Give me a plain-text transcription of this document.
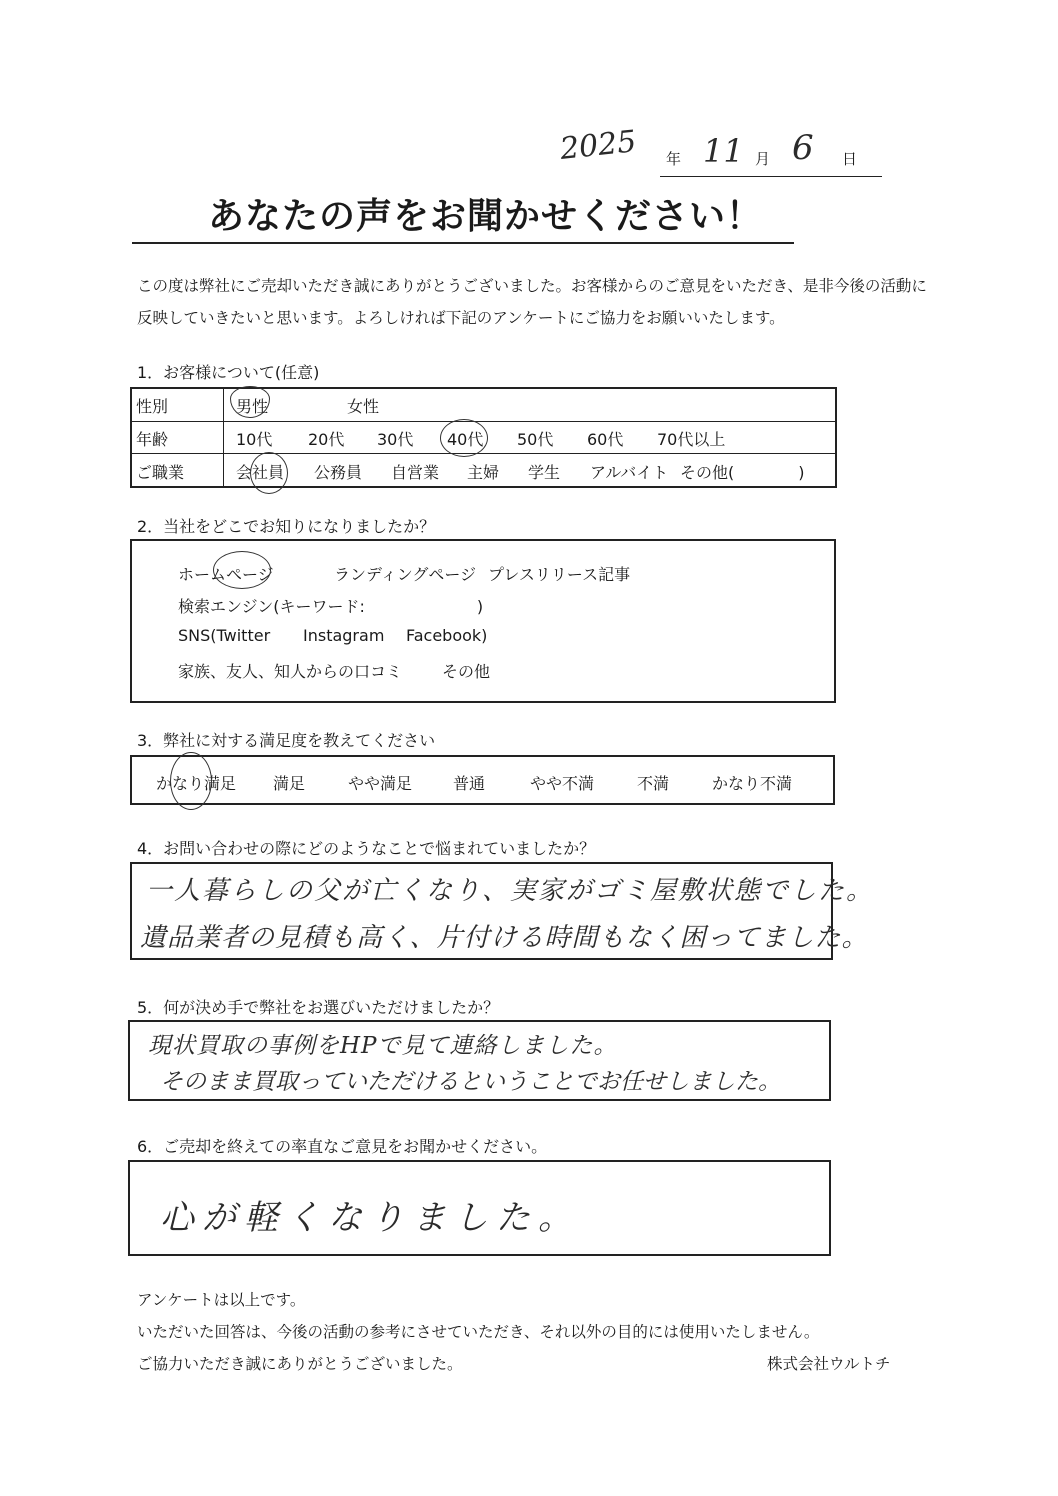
2025 年 11 月 6 日
あなたの声をお聞かせください！
この度は弊社にご売却いただき誠にありがとうございました。お客様からのご意見をいただき、是非今後の活動に
反映していきたいと思います。よろしければ下記のアンケートにご協力をお願いいたします。
1．お客様について(任意)
性別	男性	女性
年齢	10代 20代 30代 40代 50代 60代 70代以上
ご職業	会社員 公務員 自営業 主婦 学生 アルバイト その他(　　　　)
2．当社をどこでお知りになりましたか？
ホームページ	ランディングページ プレスリリース記事
検索エンジン(キーワード:　　　　　　　)
SNS(Twitter Instagram Facebook)
家族、友人、知人からの口コミ その他
3．弊社に対する満足度を教えてください
かなり満足 満足	やや満足	普通	やや不満	不満	かなり不満
4．お問い合わせの際にどのようなことで悩まれていましたか？
一人暮らしの父が亡くなり、実家がゴミ屋敷状態でした。
遺品業者の見積も高く、片付ける時間もなく困ってました。
5．何が決め手で弊社をお選びいただけましたか？
現状買取の事例をHPで見て連絡しました。
そのまま買取っていただけるということでお任せしました。
6．ご売却を終えての率直なご意見をお聞かせください。
心が軽くなりました。
アンケートは以上です。
いただいた回答は、今後の活動の参考にさせていただき、それ以外の目的には使用いたしません。
ご協力いただき誠にありがとうございました。	株式会社ウルトチ
